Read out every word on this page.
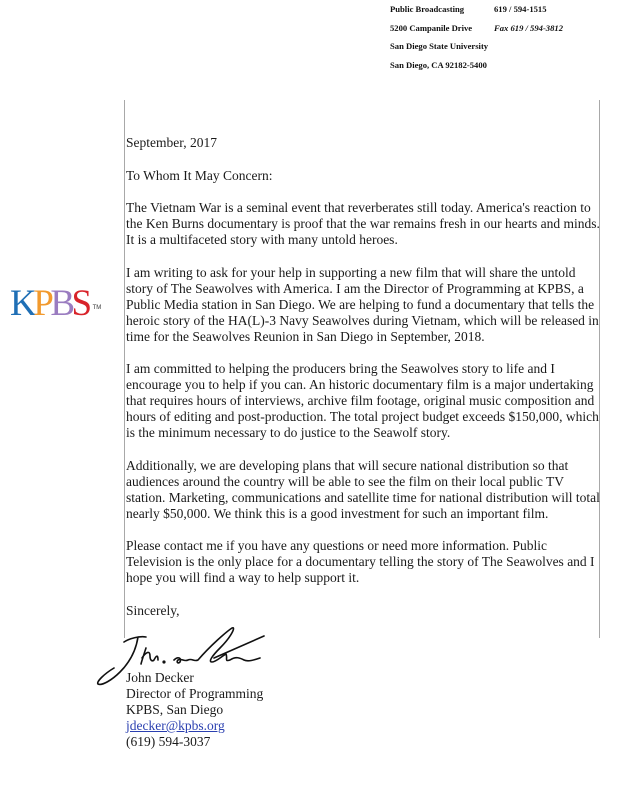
Public Broadcasting	619 / 594-1515
5200 Campanile Drive	Fax 619 / 594-3812
San Diego State University
San Diego, CA 92182-5400
KPBS TM

September, 2017

To Whom It May Concern:

The Vietnam War is a seminal event that reverberates still today. America's reaction to the Ken Burns documentary is proof that the war remains fresh in our hearts and minds. It is a multifaceted story with many untold heroes.

I am writing to ask for your help in supporting a new film that will share the untold story of The Seawolves with America. I am the Director of Programming at KPBS, a Public Media station in San Diego. We are helping to fund a documentary that tells the heroic story of the HA(L)-3 Navy Seawolves during Vietnam, which will be released in time for the Seawolves Reunion in San Diego in September, 2018.

I am committed to helping the producers bring the Seawolves story to life and I encourage you to help if you can. An historic documentary film is a major undertaking that requires hours of interviews, archive film footage, original music composition and hours of editing and post-production. The total project budget exceeds $150,000, which is the minimum necessary to do justice to the Seawolf story.

Additionally, we are developing plans that will secure national distribution so that audiences around the country will be able to see the film on their local public TV station. Marketing, communications and satellite time for national distribution will total nearly $50,000. We think this is a good investment for such an important film.

Please contact me if you have any questions or need more information. Public Television is the only place for a documentary telling the story of The Seawolves and I hope you will find a way to help support it.

Sincerely,

John Decker
Director of Programming
KPBS, San Diego
jdecker@kpbs.org
(619) 594-3037
